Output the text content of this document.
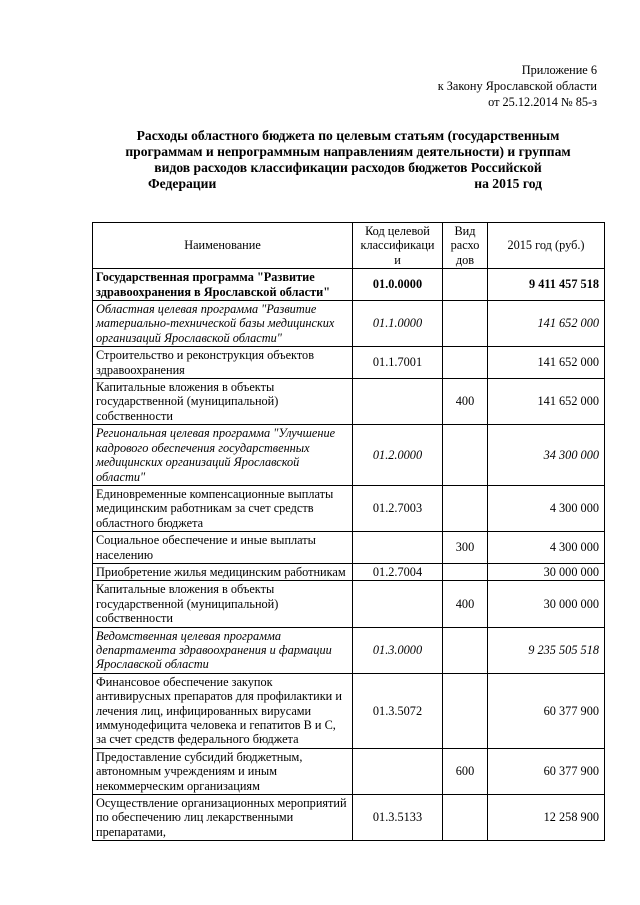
Приложение 6
к Закону Ярославской области
от 25.12.2014 № 85-з
Расходы областного бюджета по целевым статьям (государственным
программам и непрограммным направлениям деятельности) и группам
видов расходов классификации расходов бюджетов Российской
Федерации	на 2015 год
Наименование	Код целевой классификаци и	Вид расхо дов	2015 год (руб.)
Государственная программа "Развитие здравоохранения в Ярославской области"	01.0.0000		9 411 457 518
Областная целевая программа "Развитие материально-технической базы медицинских организаций Ярославской области"	01.1.0000		141 652 000
Строительство и реконструкция объектов здравоохранения	01.1.7001		141 652 000
Капитальные вложения в объекты государственной (муниципальной) собственности		400	141 652 000
Региональная целевая программа "Улучшение кадрового обеспечения государственных медицинских организаций Ярославской области"	01.2.0000		34 300 000
Единовременные компенсационные выплаты медицинским работникам за счет средств областного бюджета	01.2.7003		4 300 000
Социальное обеспечение и иные выплаты населению		300	4 300 000
Приобретение жилья медицинским работникам	01.2.7004		30 000 000
Капитальные вложения в объекты государственной (муниципальной) собственности		400	30 000 000
Ведомственная целевая программа департамента здравоохранения и фармации Ярославской области	01.3.0000		9 235 505 518
Финансовое обеспечение закупок антивирусных препаратов для профилактики и лечения лиц, инфицированных вирусами иммунодефицита человека и гепатитов В и С, за счет средств федерального бюджета	01.3.5072		60 377 900
Предоставление субсидий бюджетным, автономным учреждениям и иным некоммерческим организациям		600	60 377 900
Осуществление организационных мероприятий по обеспечению лиц лекарственными препаратами,	01.3.5133		12 258 900
